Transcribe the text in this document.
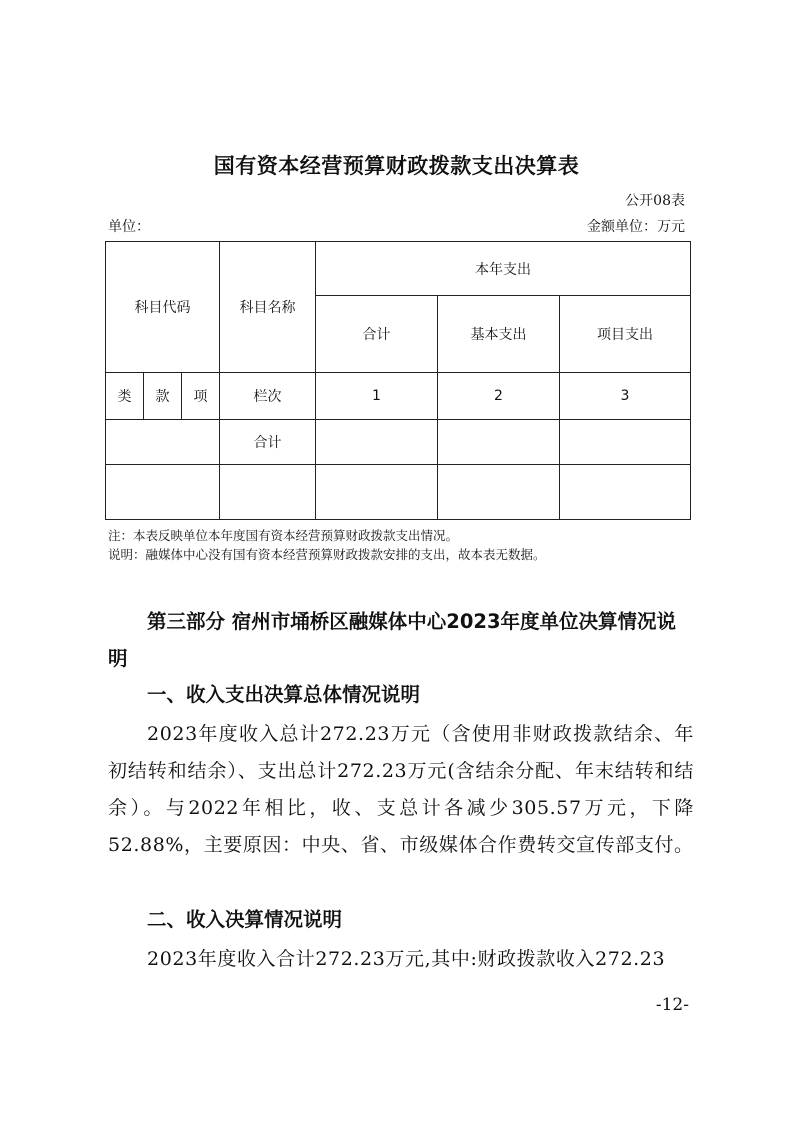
国有资本经营预算财政拨款支出决算表
公开08表
单位：	金额单位：万元
科目代码			科目名称	本年支出		
				合计	基本支出	项目支出
类	款	项	栏次	1	2	3
			合计			

注：本表反映单位本年度国有资本经营预算财政拨款支出情况。
说明：融媒体中心没有国有资本经营预算财政拨款安排的支出，故本表无数据。
第三部分 宿州市埇桥区融媒体中心2023年度单位决算情况说明
一、收入支出决算总体情况说明
2023年度收入总计272.23万元（含使用非财政拨款结余、年初结转和结余）、支出总计272.23万元(含结余分配、年末结转和结余）。与2022年相比，收、支总计各减少305.57万元，下降52.88%，主要原因：中央、省、市级媒体合作费转交宣传部支付。
二、收入决算情况说明
2023年度收入合计272.23万元,其中:财政拨款收入272.23
-12-
